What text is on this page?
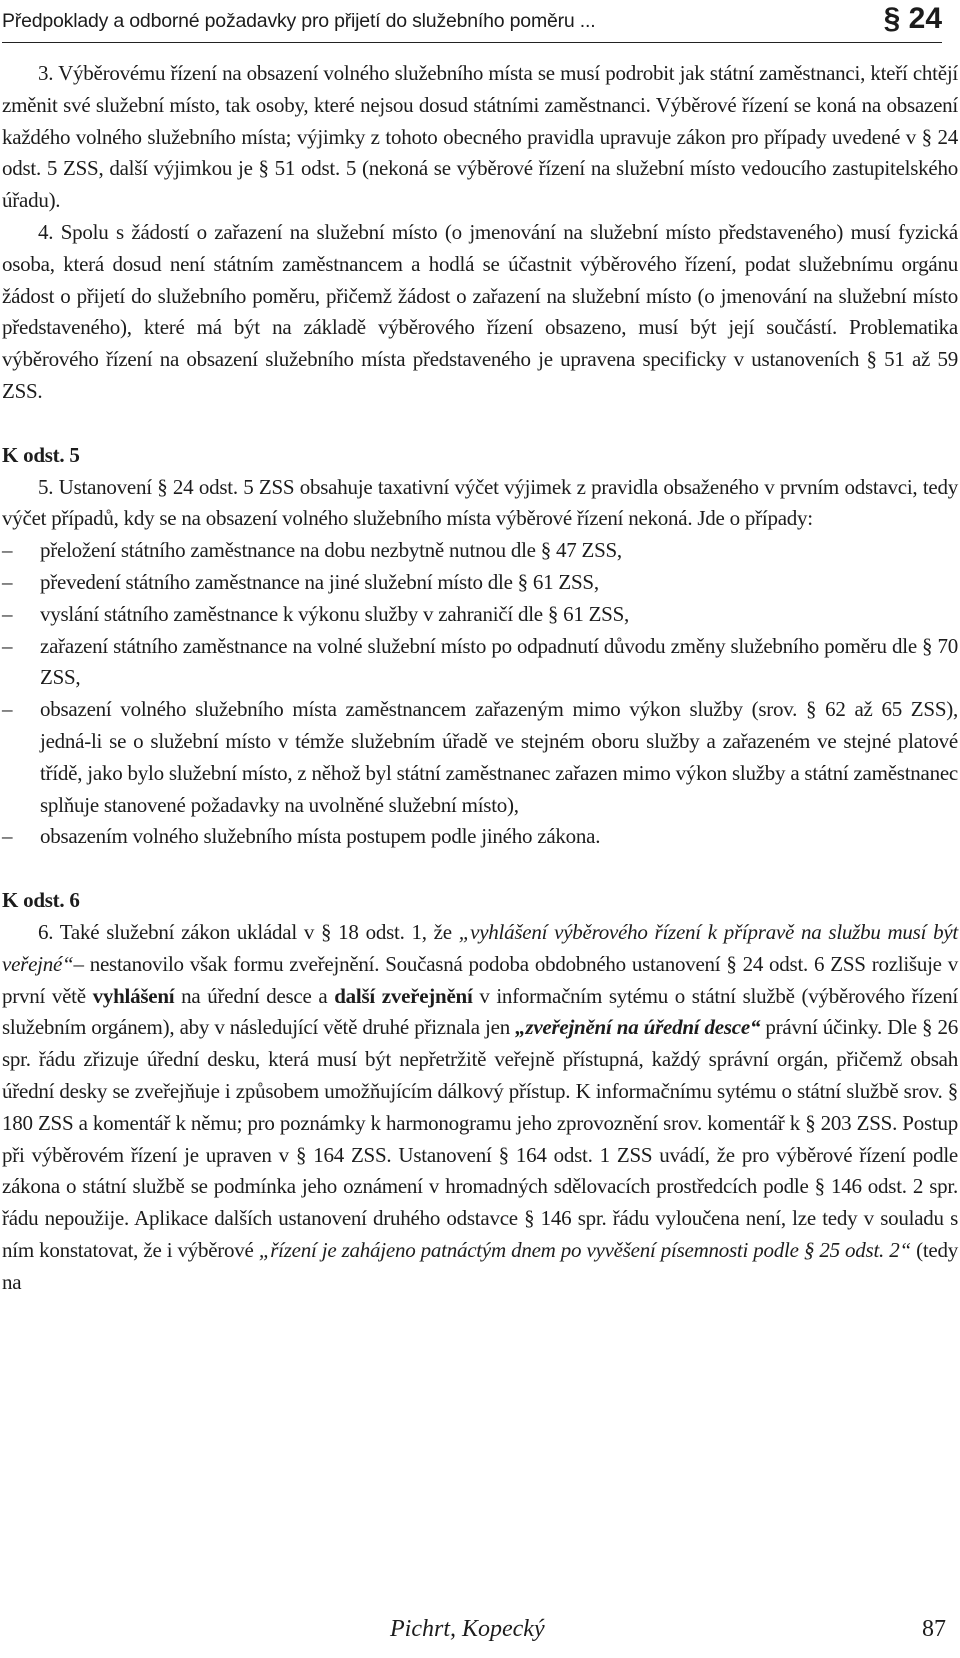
Předpoklady a odborné požadavky pro přijetí do služebního poměru ...	§ 24

3. Výběrovému řízení na obsazení volného služebního místa se musí podrobit jak státní zaměstnanci, kteří chtějí změnit své služební místo, tak osoby, které nejsou dosud státními zaměstnanci. Výběrové řízení se koná na obsazení každého volného služebního místa; výjimky z tohoto obecného pravidla upravuje zákon pro případy uvedené v § 24 odst. 5 ZSS, další výjimkou je § 51 odst. 5 (nekoná se výběrové řízení na služební místo vedoucího zastupitelského úřadu).

4. Spolu s žádostí o zařazení na služební místo (o jmenování na služební místo představeného) musí fyzická osoba, která dosud není státním zaměstnancem a hodlá se účastnit výběrového řízení, podat služebnímu orgánu žádost o přijetí do služebního poměru, přičemž žádost o zařazení na služební místo (o jmenování na služební místo představeného), které má být na základě výběrového řízení obsazeno, musí být její součástí. Problematika výběrového řízení na obsazení služebního místa představeného je upravena specificky v ustanoveních § 51 až 59 ZSS.

K odst. 5

5. Ustanovení § 24 odst. 5 ZSS obsahuje taxativní výčet výjimek z pravidla obsaženého v prvním odstavci, tedy výčet případů, kdy se na obsazení volného služebního místa výběrové řízení nekoná. Jde o případy:

– přeložení státního zaměstnance na dobu nezbytně nutnou dle § 47 ZSS,
– převedení státního zaměstnance na jiné služební místo dle § 61 ZSS,
– vyslání státního zaměstnance k výkonu služby v zahraničí dle § 61 ZSS,
– zařazení státního zaměstnance na volné služební místo po odpadnutí důvodu změny služebního poměru dle § 70 ZSS,
– obsazení volného služebního místa zaměstnancem zařazeným mimo výkon služby (srov. § 62 až 65 ZSS), jedná-li se o služební místo v témže služebním úřadě ve stejném oboru služby a zařazeném ve stejné platové třídě, jako bylo služební místo, z něhož byl státní zaměstnanec zařazen mimo výkon služby a státní zaměstnanec splňuje stanovené požadavky na uvolněné služební místo),
– obsazením volného služebního místa postupem podle jiného zákona.

K odst. 6

6. Také služební zákon ukládal v § 18 odst. 1, že „vyhlášení výběrového řízení k přípravě na službu musí být veřejné“– nestanovilo však formu zveřejnění. Současná podoba obdobného ustanovení § 24 odst. 6 ZSS rozlišuje v první větě vyhlášení na úřední desce a další zveřejnění v informačním sytému o státní službě (výběrového řízení služebním orgánem), aby v následující větě druhé přiznala jen „zveřejnění na úřední desce“ právní účinky. Dle § 26 spr. řádu zřizuje úřední desku, která musí být nepřetržitě veřejně přístupná, každý správní orgán, přičemž obsah úřední desky se zveřejňuje i způsobem umožňujícím dálkový přístup. K informačnímu sytému o státní službě srov. § 180 ZSS a komentář k němu; pro poznámky k harmonogramu jeho zprovoznění srov. komentář k § 203 ZSS. Postup při výběrovém řízení je upraven v § 164 ZSS. Ustanovení § 164 odst. 1 ZSS uvádí, že pro výběrové řízení podle zákona o státní službě se podmínka jeho oznámení v hromadných sdělovacích prostředcích podle § 146 odst. 2 spr. řádu nepoužije. Aplikace dalších ustanovení druhého odstavce § 146 spr. řádu vyloučena není, lze tedy v souladu s ním konstatovat, že i výběrové „řízení je zahájeno patnáctým dnem po vyvěšení písemnosti podle § 25 odst. 2“ (tedy na

Pichrt, Kopecký	87
